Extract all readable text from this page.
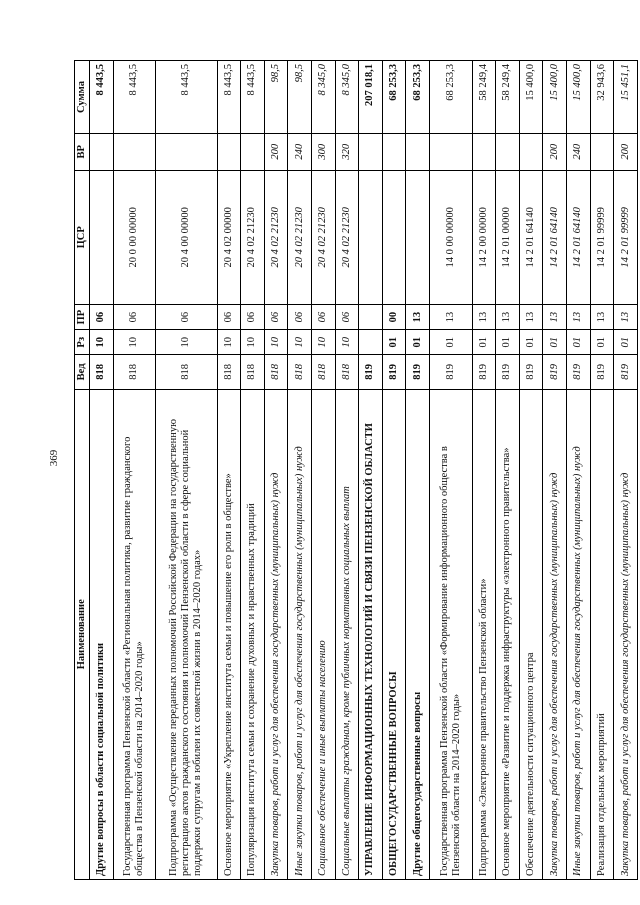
369
Наименование	Вед	Рз	ПР	ЦСР	ВР	Сумма
Другие вопросы в области социальной политики	818	10	06			8 443,5
Государственная программа Пензенской области «Региональная политика, развитие гражданского общества в Пензенской области на 2014–2020 годы»	818	10	06	20 0 00 00000		8 443,5
Подпрограмма «Осуществление переданных полномочий Российской Федерации на государственную регистрацию актов гражданского состояния и полномочий Пензенской области в сфере социальной поддержки супругам в юбилеи их совместной жизни в 2014–2020 годах»	818	10	06	20 4 00 00000		8 443,5
Основное мероприятие «Укрепление института семьи и повышение его роли в обществе»	818	10	06	20 4 02 00000		8 443,5
Популяризация института семьи и сохранение духовных и нравственных традиций	818	10	06	20 4 02 21230		8 443,5
Закупка товаров, работ и услуг для обеспечения государственных (муниципальных) нужд	818	10	06	20 4 02 21230	200	98,5
Иные закупки товаров, работ и услуг для обеспечения государственных (муниципальных) нужд	818	10	06	20 4 02 21230	240	98,5
Социальное обеспечение и иные выплаты населению	818	10	06	20 4 02 21230	300	8 345,0
Социальные выплаты гражданам, кроме публичных нормативных социальных выплат	818	10	06	20 4 02 21230	320	8 345,0
УПРАВЛЕНИЕ ИНФОРМАЦИОННЫХ ТЕХНОЛОГИЙ И СВЯЗИ ПЕНЗЕНСКОЙ ОБЛАСТИ	819					207 018,1
ОБЩЕГОСУДАРСТВЕННЫЕ ВОПРОСЫ	819	01	00			68 253,3
Другие общегосударственные вопросы	819	01	13			68 253,3
Государственная программа Пензенской области «Формирование информационного общества в Пензенской области на 2014–2020 годы»	819	01	13	14 0 00 00000		68 253,3
Подпрограмма «Электронное правительство Пензенской области»	819	01	13	14 2 00 00000		58 249,4
Основное мероприятие «Развитие и поддержка инфраструктуры «электронного правительства»	819	01	13	14 2 01 00000		58 249,4
Обеспечение деятельности ситуационного центра	819	01	13	14 2 01 64140		15 400,0
Закупка товаров, работ и услуг для обеспечения государственных (муниципальных) нужд	819	01	13	14 2 01 64140	200	15 400,0
Иные закупки товаров, работ и услуг для обеспечения государственных (муниципальных) нужд	819	01	13	14 2 01 64140	240	15 400,0
Реализация отдельных мероприятий	819	01	13	14 2 01 99999		32 943,6
Закупка товаров, работ и услуг для обеспечения государственных (муниципальных) нужд	819	01	13	14 2 01 99999	200	15 451,1
